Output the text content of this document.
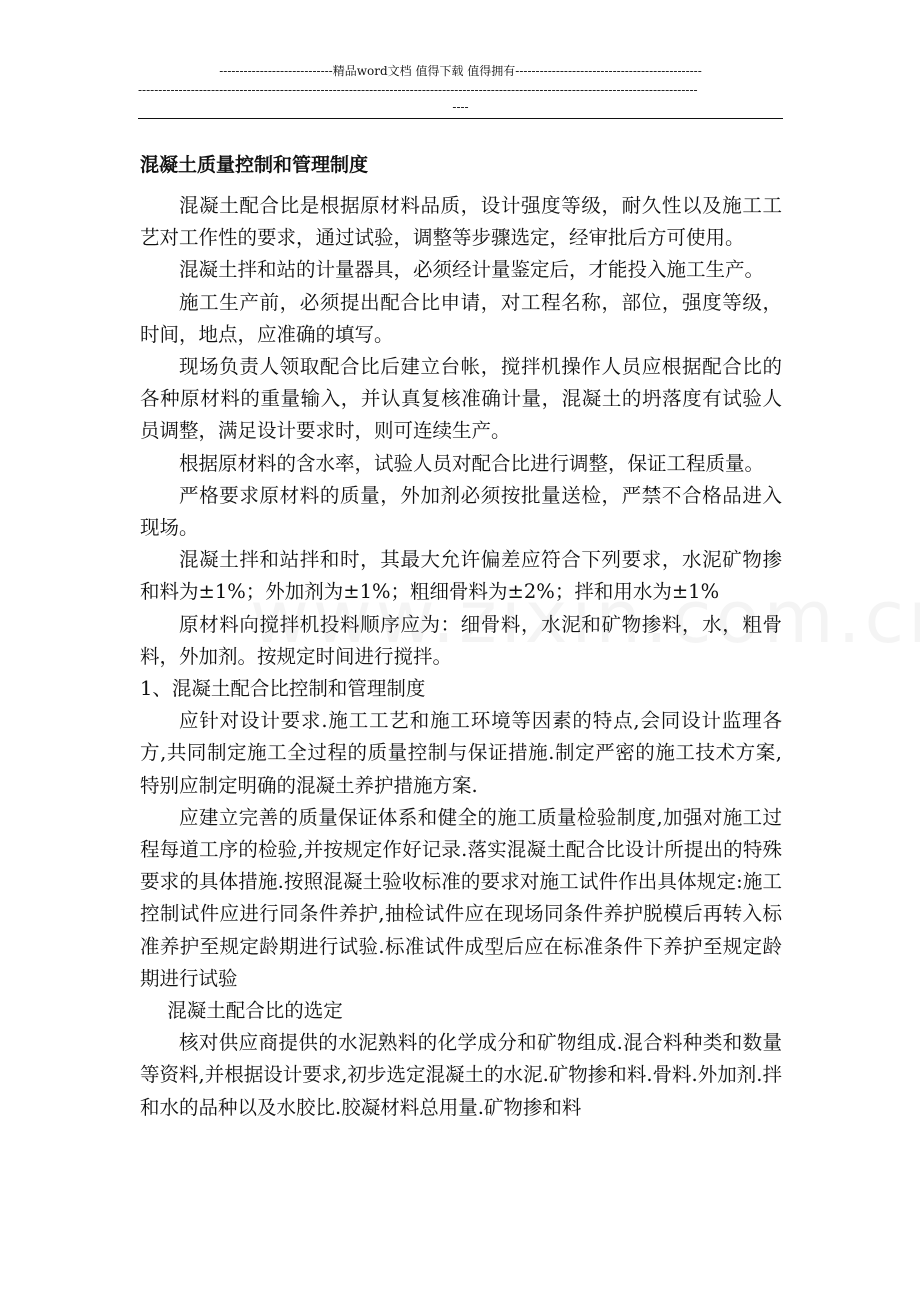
----------------------------精品word文档 值得下载 值得拥有----------------------------------------------
------------------------------------------------------------------------------------------------------------------------------------------
----
混凝土质量控制和管理制度

混凝土配合比是根据原材料品质，设计强度等级，耐久性以及施工工艺对工作性的要求，通过试验，调整等步骤选定，经审批后方可使用。

混凝土拌和站的计量器具，必须经计量鉴定后，才能投入施工生产。

施工生产前，必须提出配合比申请，对工程名称，部位，强度等级，时间，地点，应准确的填写。

现场负责人领取配合比后建立台帐，搅拌机操作人员应根据配合比的各种原材料的重量输入，并认真复核准确计量，混凝土的坍落度有试验人员调整，满足设计要求时，则可连续生产。

根据原材料的含水率，试验人员对配合比进行调整，保证工程质量。

严格要求原材料的质量，外加剂必须按批量送检，严禁不合格品进入现场。

混凝土拌和站拌和时，其最大允许偏差应符合下列要求，水泥矿物掺和料为±1%；外加剂为±1%；粗细骨料为±2%；拌和用水为±1%

原材料向搅拌机投料顺序应为：细骨料，水泥和矿物掺料，水，粗骨料，外加剂。按规定时间进行搅拌。

1、混凝土配合比控制和管理制度

应针对设计要求.施工工艺和施工环境等因素的特点,会同设计监理各方,共同制定施工全过程的质量控制与保证措施.制定严密的施工技术方案,特别应制定明确的混凝土养护措施方案.

应建立完善的质量保证体系和健全的施工质量检验制度,加强对施工过程每道工序的检验,并按规定作好记录.落实混凝土配合比设计所提出的特殊要求的具体措施.按照混凝土验收标准的要求对施工试件作出具体规定:施工控制试件应进行同条件养护,抽检试件应在现场同条件养护脱模后再转入标准养护至规定龄期进行试验.标准试件成型后应在标准条件下养护至规定龄期进行试验

混凝土配合比的选定

核对供应商提供的水泥熟料的化学成分和矿物组成.混合料种类和数量等资料,并根据设计要求,初步选定混凝土的水泥.矿物掺和料.骨料.外加剂.拌和水的品种以及水胶比.胶凝材料总用量.矿物掺和料
